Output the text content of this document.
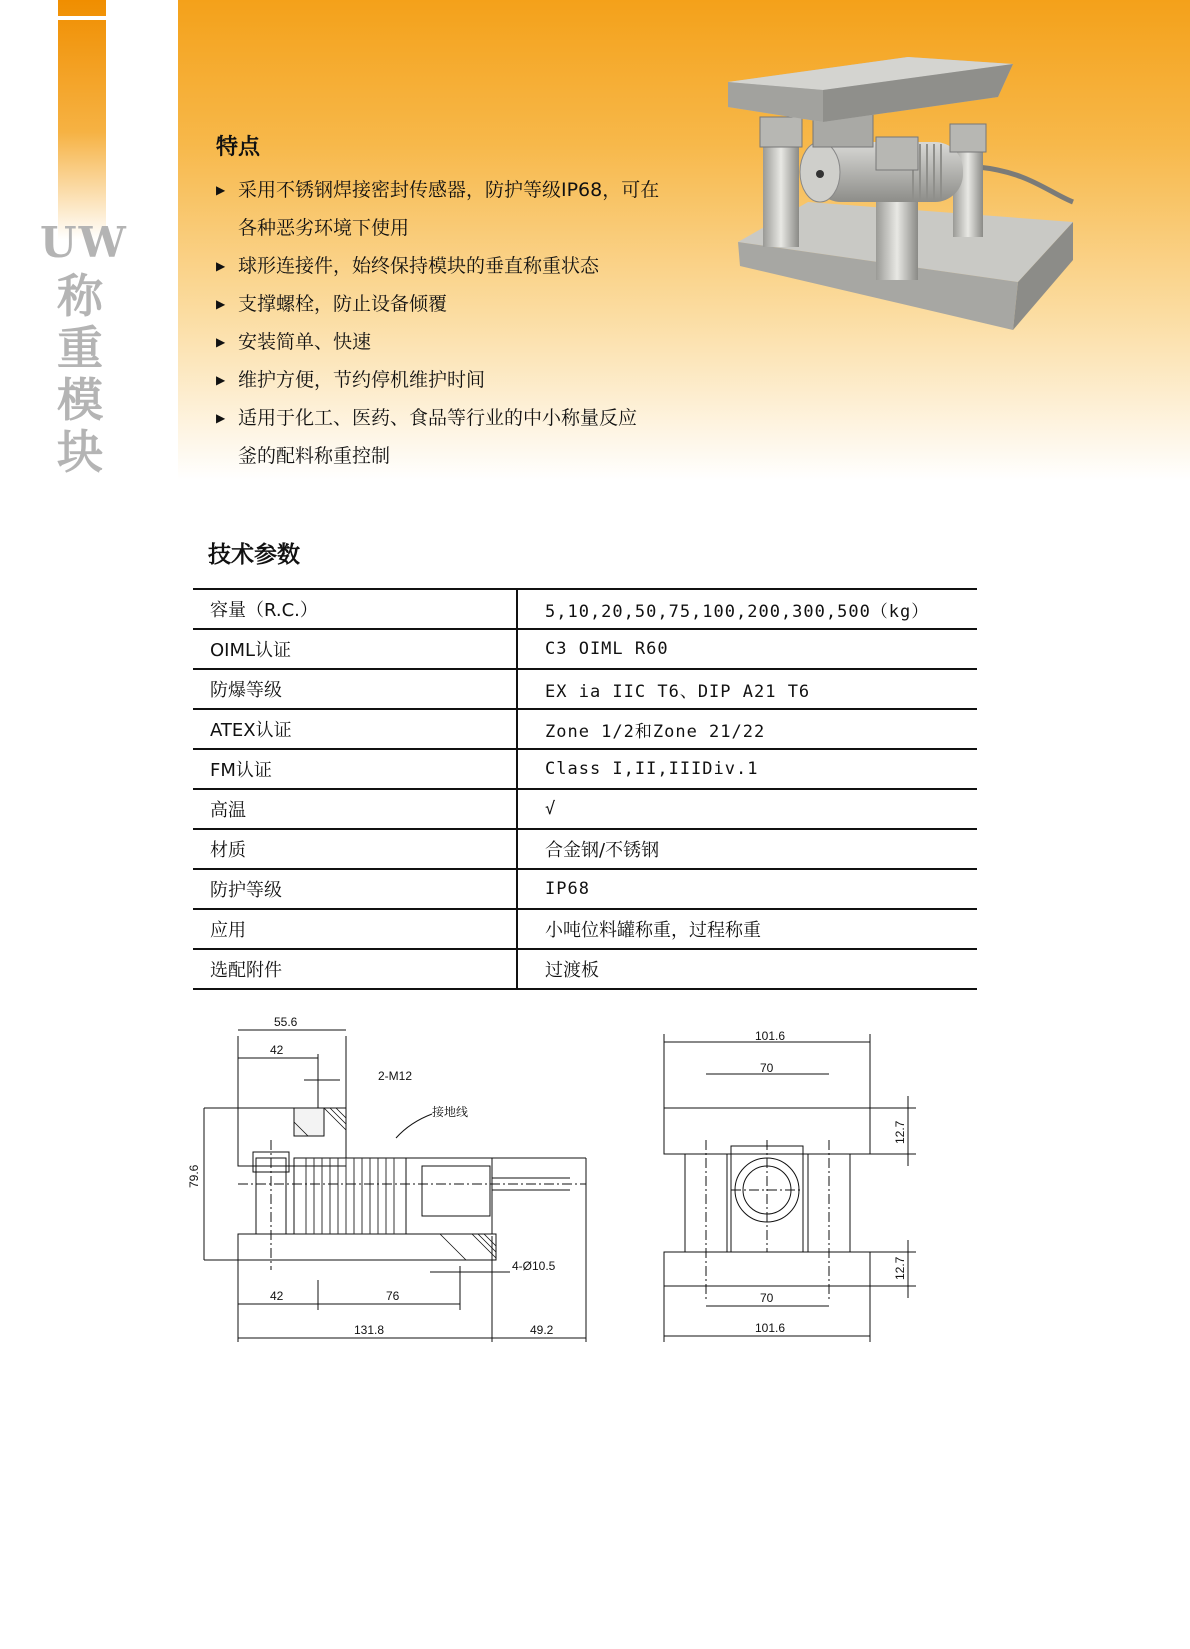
UW
称
重
模
块
特点
▶ 采用不锈钢焊接密封传感器，防护等级IP68，可在
各种恶劣环境下使用
▶ 球形连接件，始终保持模块的垂直称重状态
▶ 支撑螺栓，防止设备倾覆
▶ 安装简单、快速
▶ 维护方便，节约停机维护时间
▶ 适用于化工、医药、食品等行业的中小称量反应
釜的配料称重控制
技术参数
容量（R.C.）	5,10,20,50,75,100,200,300,500（kg）
OIML认证	C3 OIML R60
防爆等级	EX ia IIC T6、DIP A21 T6
ATEX认证	Zone 1/2和Zone 21/22
FM认证	Class I,II,IIIDiv.1
高温	√
材质	合金钢/不锈钢
防护等级	IP68
应用	小吨位料罐称重，过程称重
选配附件	过渡板
55.6
42
2-M12
接地线
79.6
4-Ø10.5
42	76
131.8	49.2
101.6
70
12.7
12.7
70
101.6
